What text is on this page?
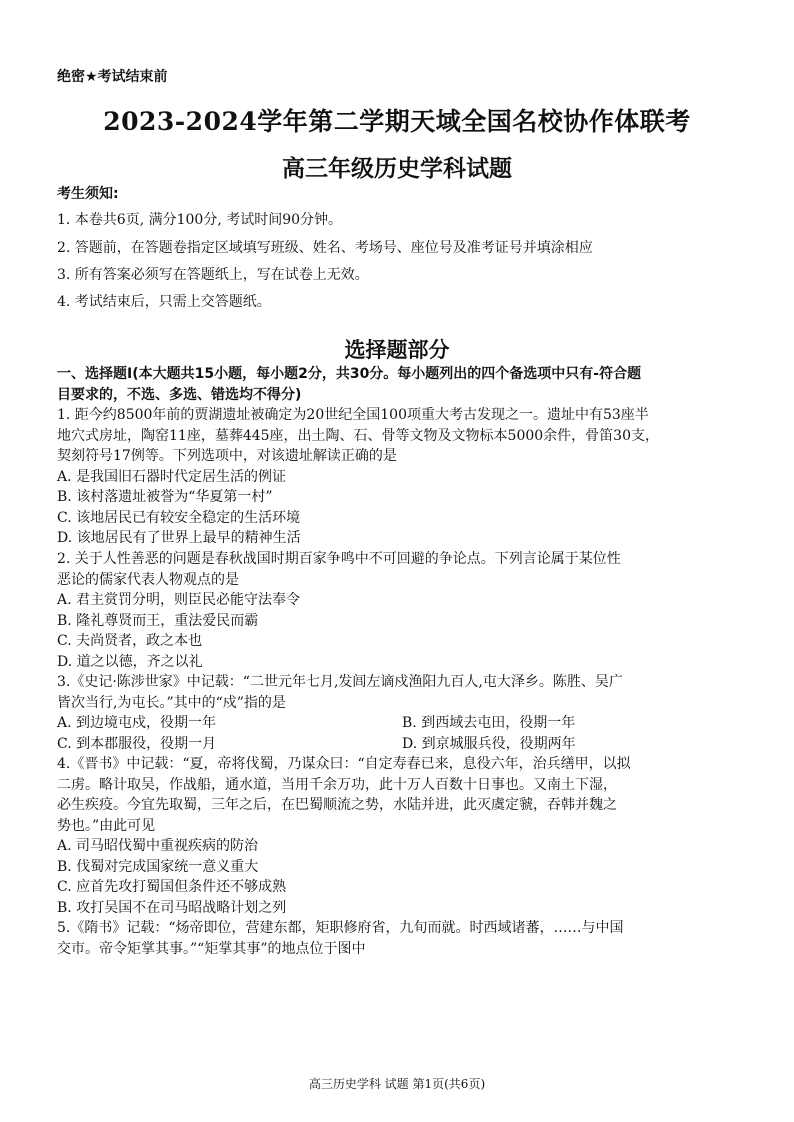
绝密★考试结束前
2023-2024学年第二学期天域全国名校协作体联考
高三年级历史学科试题
考生须知:
1. 本卷共6页, 满分100分, 考试时间90分钟。
2. 答题前，在答题卷指定区域填写班级、姓名、考场号、座位号及准考证号并填涂相应
3. 所有答案必须写在答题纸上，写在试卷上无效。
4. 考试结束后，只需上交答题纸。
选择题部分
一、选择题Ⅰ(本大题共15小题，每小题2分，共30分。每小题列出的四个备选项中只有-符合题
目要求的，不选、多选、错选均不得分)
1. 距今约8500年前的贾湖遗址被确定为20世纪全国100项重大考古发现之一。遗址中有53座半
地穴式房址，陶窑11座，墓葬445座，出土陶、石、骨等文物及文物标本5000余件，骨笛30支，
契刻符号17例等。下列选项中，对该遗址解读正确的是
A. 是我国旧石器时代定居生活的例证
B. 该村落遗址被誉为“华夏第一村”
C. 该地居民已有较安全稳定的生活环境
D. 该地居民有了世界上最早的精神生活
2. 关于人性善恶的问题是春秋战国时期百家争鸣中不可回避的争论点。下列言论属于某位性
恶论的儒家代表人物观点的是
A. 君主赏罚分明，则臣民必能守法奉令
B. 隆礼尊贤而王，重法爱民而霸
C. 夫尚贤者，政之本也
D. 道之以德，齐之以礼
3.《史记·陈涉世家》中记载：“二世元年七月,发闾左谪戍渔阳九百人,屯大泽乡。陈胜、吴广
皆次当行,为屯长。”其中的“戍”指的是
A. 到边境屯戍，役期一年	B. 到西域去屯田，役期一年
C. 到本郡服役，役期一月	D. 到京城服兵役，役期两年
4.《晋书》中记载：“夏，帝将伐蜀，乃谋众曰：“自定寿春已来，息役六年，治兵缮甲，以拟
二虏。略计取吴，作战船，通水道，当用千余万功，此十万人百数十日事也。又南土下湿，
必生疾疫。今宜先取蜀，三年之后，在巴蜀顺流之势，水陆并进，此灭虞定虢，吞韩并魏之
势也。”由此可见
A. 司马昭伐蜀中重视疾病的防治
B. 伐蜀对完成国家统一意义重大
C. 应首先攻打蜀国但条件还不够成熟
B. 攻打吴国不在司马昭战略计划之列
5.《隋书》记载：“炀帝即位，营建东都，矩职修府省，九旬而就。时西域诸蕃，……与中国
交市。帝令矩掌其事。”“矩掌其事”的地点位于图中
高三历史学科 试题 第1页(共6页)
